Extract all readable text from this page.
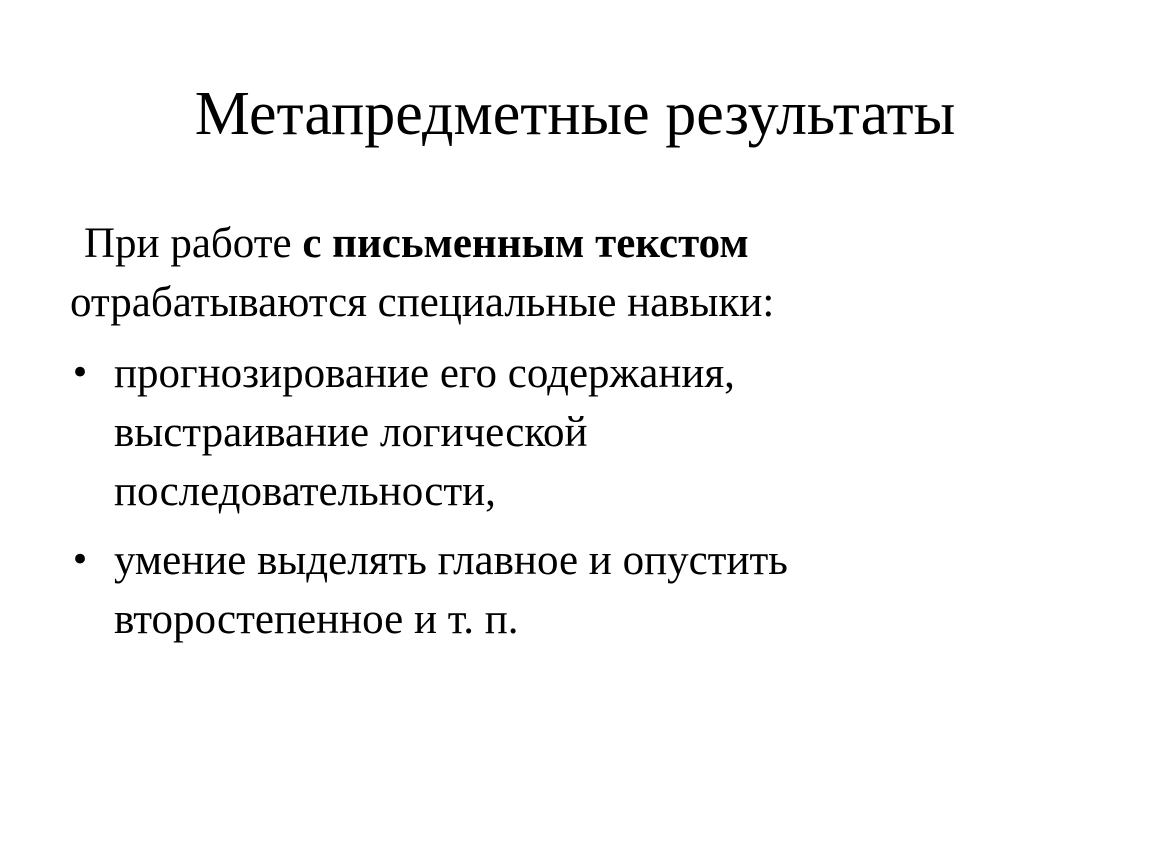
Метапредметные результаты

При работе с письменным текстом
отрабатываются специальные навыки:

• прогнозирование его содержания,
выстраивание логической
последовательности,
• умение выделять главное и опустить
второстепенное и т. п.
